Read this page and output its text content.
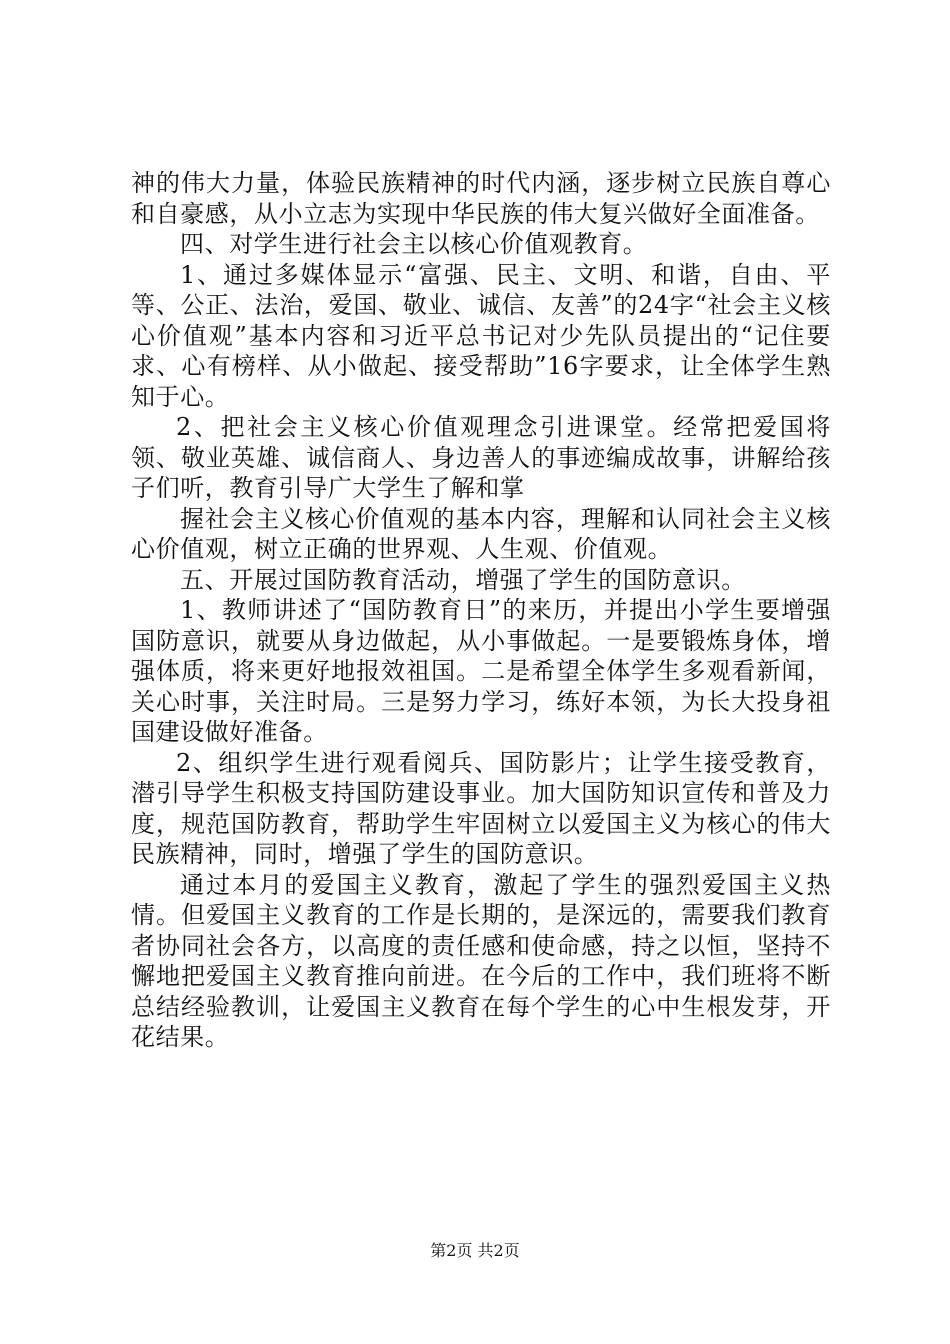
神的伟大力量，体验民族精神的时代内涵，逐步树立民族自尊心和自豪感，从小立志为实现中华民族的伟大复兴做好全面准备。

四、对学生进行社会主以核心价值观教育。

1、通过多媒体显示“富强、民主、文明、和谐，自由、平等、公正、法治，爱国、敬业、诚信、友善”的24字“社会主义核心价值观”基本内容和习近平总书记对少先队员提出的“记住要求、心有榜样、从小做起、接受帮助”16字要求，让全体学生熟知于心。

2、把社会主义核心价值观理念引进课堂。经常把爱国将领、敬业英雄、诚信商人、身边善人的事迹编成故事，讲解给孩子们听，教育引导广大学生了解和掌

握社会主义核心价值观的基本内容，理解和认同社会主义核心价值观，树立正确的世界观、人生观、价值观。

五、开展过国防教育活动，增强了学生的国防意识。

1、教师讲述了“国防教育日”的来历，并提出小学生要增强国防意识，就要从身边做起，从小事做起。一是要锻炼身体，增强体质，将来更好地报效祖国。二是希望全体学生多观看新闻，关心时事，关注时局。三是努力学习，练好本领，为长大投身祖国建设做好准备。

2、组织学生进行观看阅兵、国防影片；让学生接受教育，潜引导学生积极支持国防建设事业。加大国防知识宣传和普及力度，规范国防教育，帮助学生牢固树立以爱国主义为核心的伟大民族精神，同时，增强了学生的国防意识。

通过本月的爱国主义教育，激起了学生的强烈爱国主义热情。但爱国主义教育的工作是长期的，是深远的，需要我们教育者协同社会各方，以高度的责任感和使命感，持之以恒，坚持不懈地把爱国主义教育推向前进。在今后的工作中，我们班将不断总结经验教训，让爱国主义教育在每个学生的心中生根发芽，开花结果。

第2页 共2页
